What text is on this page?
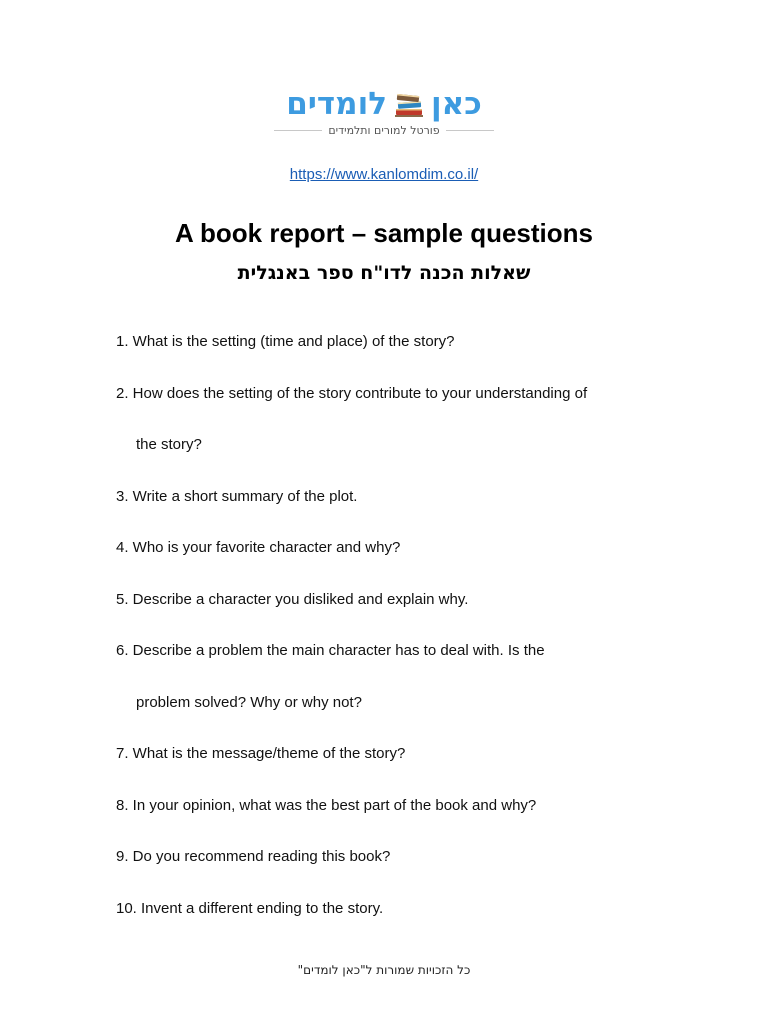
כאן
לומדים
פורטל למורים ותלמידים
https://www.kanlomdim.co.il/
A book report – sample questions
שאלות הכנה לדו"ח ספר באנגלית
1. What is the setting (time and place) of the story?
2. How does the setting of the story contribute to your understanding of
the story?
3. Write a short summary of the plot.
4. Who is your favorite character and why?
5. Describe a character you disliked and explain why.
6. Describe a problem the main character has to deal with. Is the
problem solved? Why or why not?
7. What is the message/theme of the story?
8. In your opinion, what was the best part of the book and why?
9. Do you recommend reading this book?
10. Invent a different ending to the story.
כל הזכויות שמורות ל"כאן לומדים"
